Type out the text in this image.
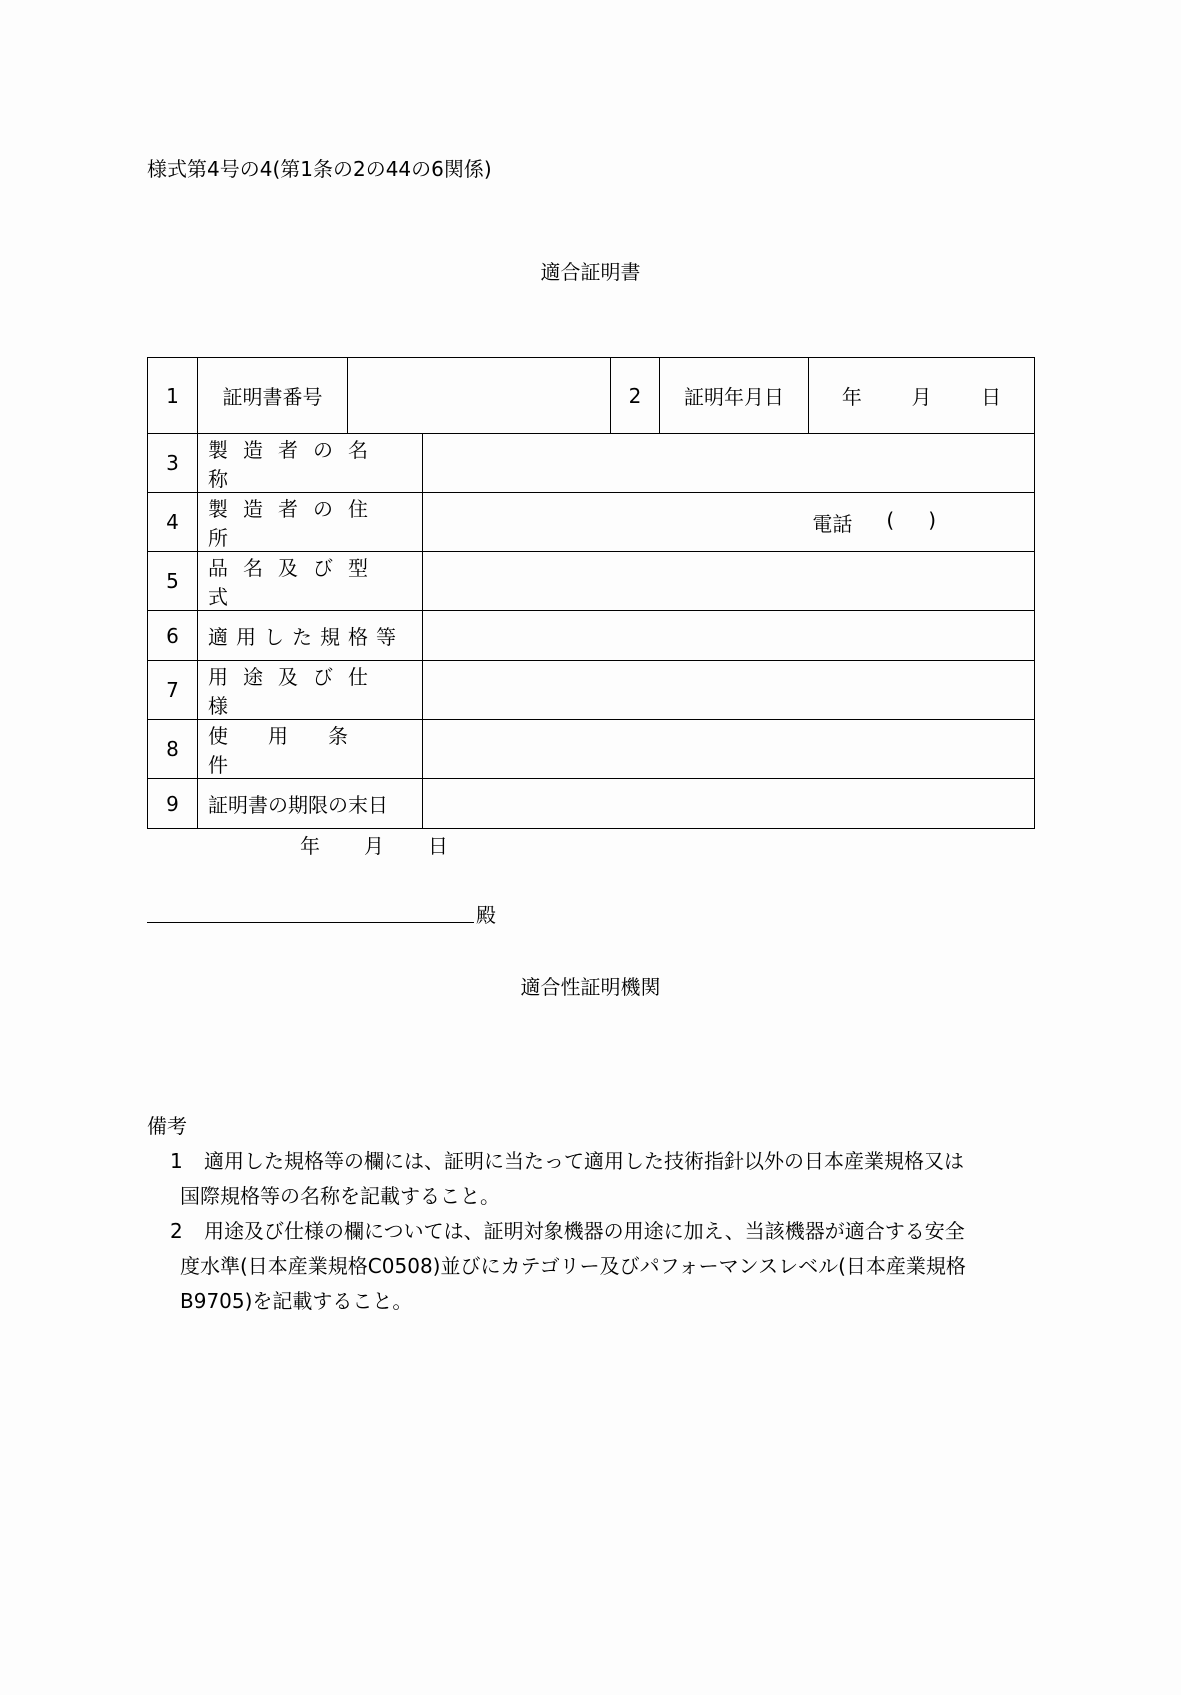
様式第4号の4(第1条の2の44の6関係)
適合証明書
1	証明書番号			2	証明年月日	年 月 日

3	製造者の名称					

4	製造者の住所		電話 ( )			

5	品名及び型式					
6	適用した規格等					
7	用途及び仕様					
8	使用条件					
9	証明書の期限の末日					
年 月 日
殿
適合性証明機関
備考
1 適用した規格等の欄には、証明に当たって適用した技術指針以外の日本産業規格又は
国際規格等の名称を記載すること。
2 用途及び仕様の欄については、証明対象機器の用途に加え、当該機器が適合する安全

度水準(日本産業規格C0508)並びにカテゴリー及びパフォーマンスレベル(日本産業規格B9705)を記載すること。
